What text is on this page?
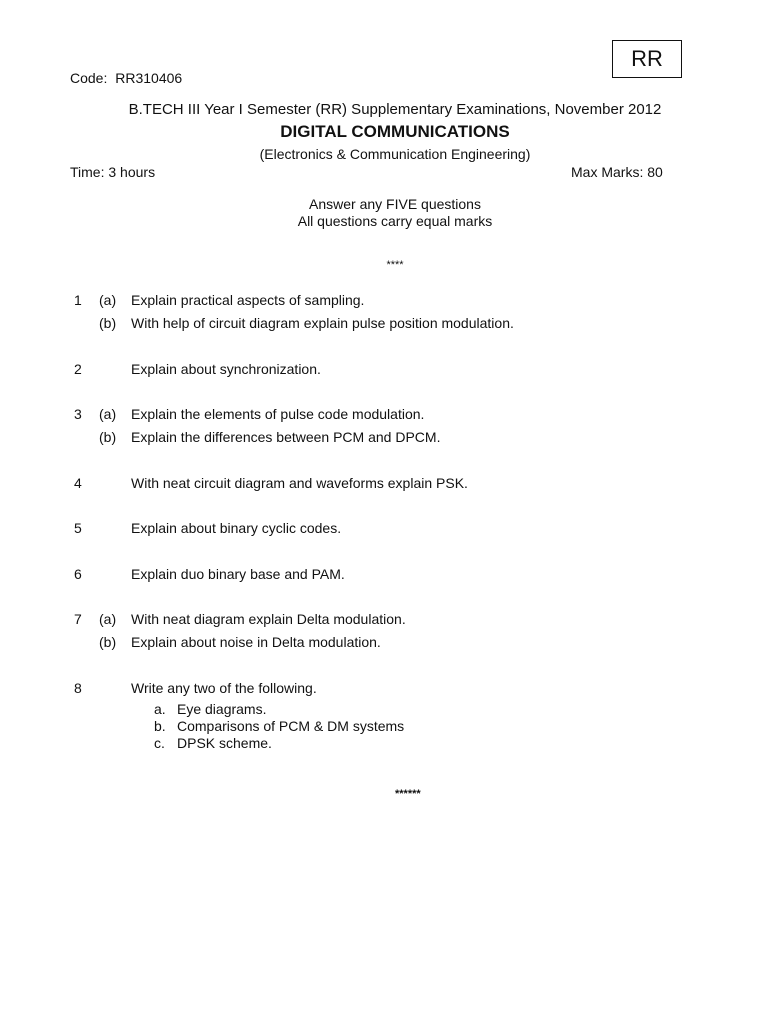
Code: RR310406
RR
B.TECH III Year I Semester (RR) Supplementary Examinations, November 2012
DIGITAL COMMUNICATIONS
(Electronics & Communication Engineering)
Time: 3 hours	Max Marks: 80
Answer any FIVE questions
All questions carry equal marks
****
1 (a) Explain practical aspects of sampling.
(b) With help of circuit diagram explain pulse position modulation.
2	Explain about synchronization.
3 (a) Explain the elements of pulse code modulation.
(b) Explain the differences between PCM and DPCM.
4	With neat circuit diagram and waveforms explain PSK.
5	Explain about binary cyclic codes.
6	Explain duo binary base and PAM.
7 (a) With neat diagram explain Delta modulation.
(b) Explain about noise in Delta modulation.
8	Write any two of the following.
a. Eye diagrams.
b. Comparisons of PCM & DM systems
c. DPSK scheme.
******
